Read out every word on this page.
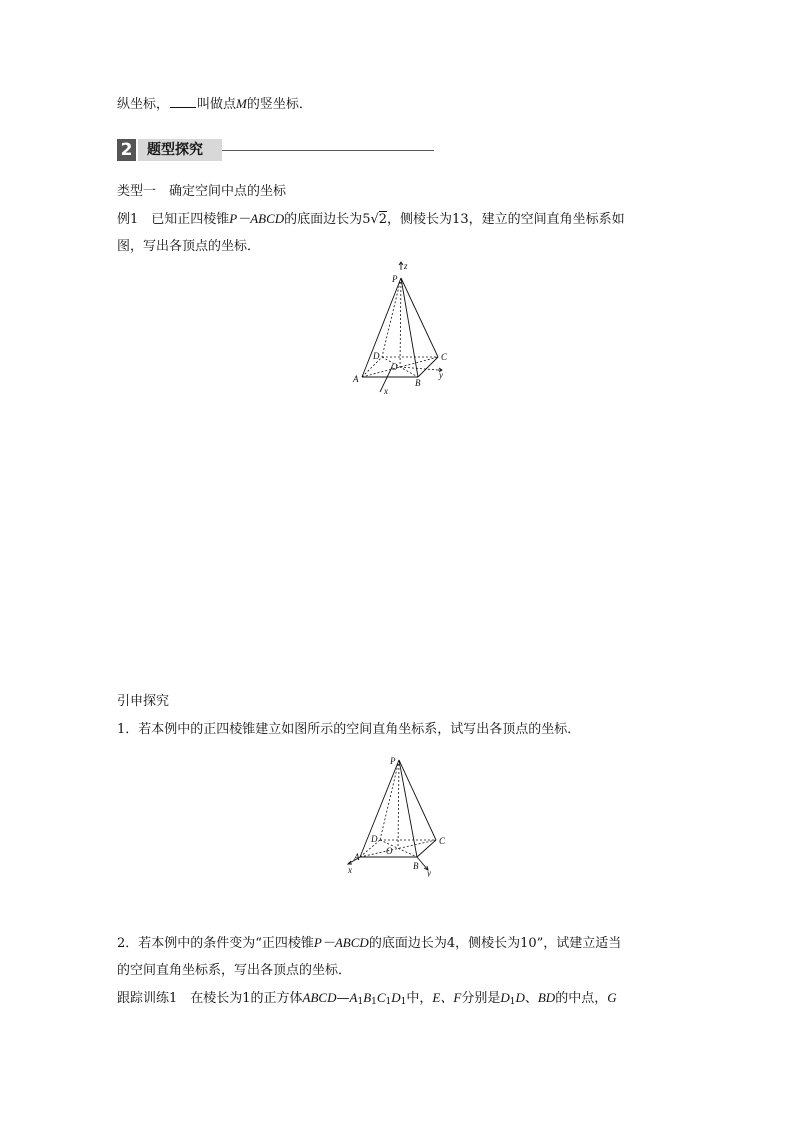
纵坐标， 叫做点M的竖坐标．
2 题型探究
类型一　确定空间中点的坐标
例1　已知正四棱锥P－ABCD的底面边长为5√2，侧棱长为13，建立的空间直角坐标系如
图，写出各顶点的坐标．
z
P
D	C
O
y
A	B
x
引申探究
1．若本例中的正四棱锥建立如图所示的空间直角坐标系，试写出各顶点的坐标．
P
D	C
O
A
B
x	y
2．若本例中的条件变为“正四棱锥P－ABCD的底面边长为4，侧棱长为10”，试建立适当
的空间直角坐标系，写出各顶点的坐标．
跟踪训练1　在棱长为1的正方体$ABCD—A_1B_1C_1D_1$中，E、F分别是$D_1D$、BD的中点，G
